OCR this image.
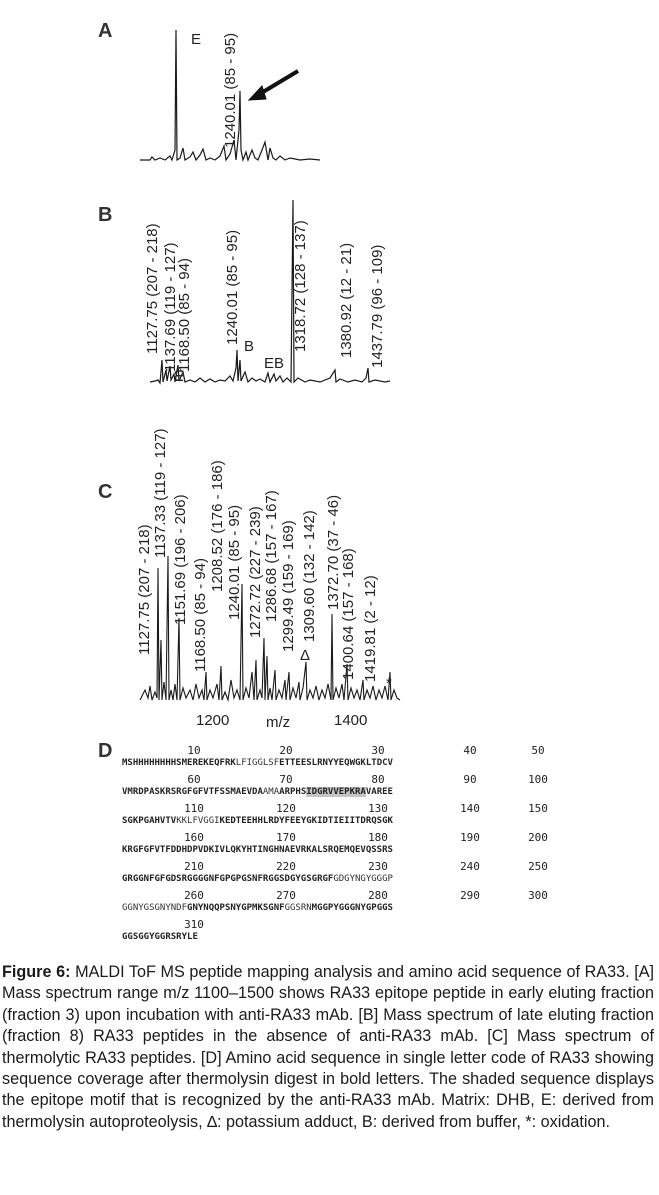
A	E 1240.01 (85 - 95)
B
1127.75 (207 - 218) 1137.69 (119 - 127)
1168.50 (85 - 94)
m
1240.01 (85 - 95)
B
EB
1318.72 (128 - 137) 1380.92 (12 - 21) 1437.79 (96 - 109)
C
1127.75 (207 - 218)
1137.33 (119 - 127)
1151.69 (196 - 206) 1168.50 (85 - 94)
1208.52 (176 - 186) 1240.01 (85 - 95) 1272.72 (227 - 239) 1286.68 (157 - 167) 1299.49 (159 - 169) 1309.60 (132 - 142)
Δ
1372.70 (37 - 46)
1400.64 (157 - 168) 1419.81 (2 - 12)
*
1200	1400
m/z
D	10	20	30	40	50
MSHHHHHHHHSMEREKEQFRKLFIGGLSFETTEESLRNYYEQWGKLTDCV
60	70	80	90	100
VMRDPASKRSRGFGFVTFSSMAEVDAAMAARPHSIDGRVVEPKRAVAREE
110	120	130	140	150
SGKPGAHVTVKKLFVGGIKEDTEEHHLRDYFEEYGKIDTIEIITDRQSGK
160	170	180	190	200
KRGFGFVTFDDHDPVDKIVLQKYHTINGHNAEVRKALSRQEMQEVQSSRS
210	220	230	240	250
GRGGNFGFGDSRGGGGNFGPGPGSNFRGGSDGYGSGRGFGDGYNGYGGGP
260	270	280	290	300
GGNYGSGNYNDFGNYNQQPSNYGPMKSGNFGGSRNMGGPYGGGNYGPGGS
310
GGSGGYGGRSRYLE
Figure 6: MALDI ToF MS peptide mapping analysis and amino acid sequence of RA33. [A] Mass spectrum range m/z 1100–1500 shows RA33 epitope peptide in early eluting fraction (fraction 3) upon incubation with anti-RA33 mAb. [B] Mass spectrum of late eluting fraction (fraction 8) RA33 peptides in the absence of anti-RA33 mAb. [C] Mass spectrum of thermolytic RA33 peptides. [D] Amino acid sequence in single letter code of RA33 showing sequence coverage after thermolysin digest in bold letters. The shaded sequence displays the epitope motif that is recognized by the anti-RA33 mAb. Matrix: DHB, E: derived from thermolysin autoproteolysis, ∆: potassium adduct, B: derived from buffer, *: oxidation.
